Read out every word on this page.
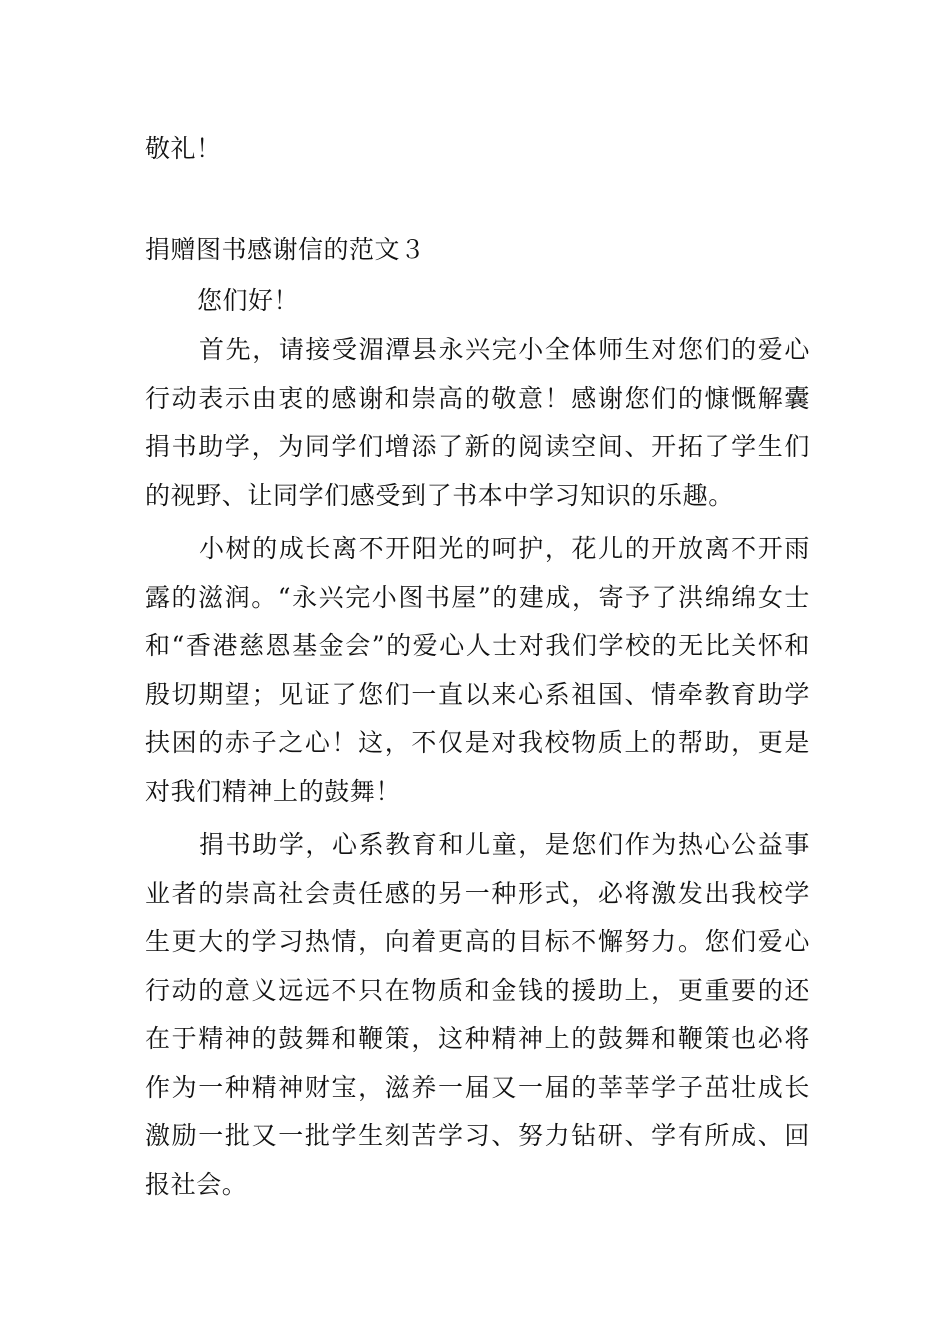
敬礼！
捐赠图书感谢信的范文３
您们好！
首先，请接受湄潭县永兴完小全体师生对您们的爱心行动表示由衷的感谢和崇高的敬意！感谢您们的慷慨解囊捐书助学，为同学们增添了新的阅读空间、开拓了学生们的视野、让同学们感受到了书本中学习知识的乐趣。
小树的成长离不开阳光的呵护，花儿的开放离不开雨露的滋润。“永兴完小图书屋”的建成，寄予了洪绵绵女士和“香港慈恩基金会”的爱心人士对我们学校的无比关怀和殷切期望；见证了您们一直以来心系祖国、情牵教育助学扶困的赤子之心！这，不仅是对我校物质上的帮助，更是对我们精神上的鼓舞！
捐书助学，心系教育和儿童，是您们作为热心公益事业者的崇高社会责任感的另一种形式，必将激发出我校学生更大的学习热情，向着更高的目标不懈努力。您们爱心行动的意义远远不只在物质和金钱的援助上，更重要的还在于精神的鼓舞和鞭策，这种精神上的鼓舞和鞭策也必将作为一种精神财宝，滋养一届又一届的莘莘学子茁壮成长激励一批又一批学生刻苦学习、努力钻研、学有所成、回报社会。
